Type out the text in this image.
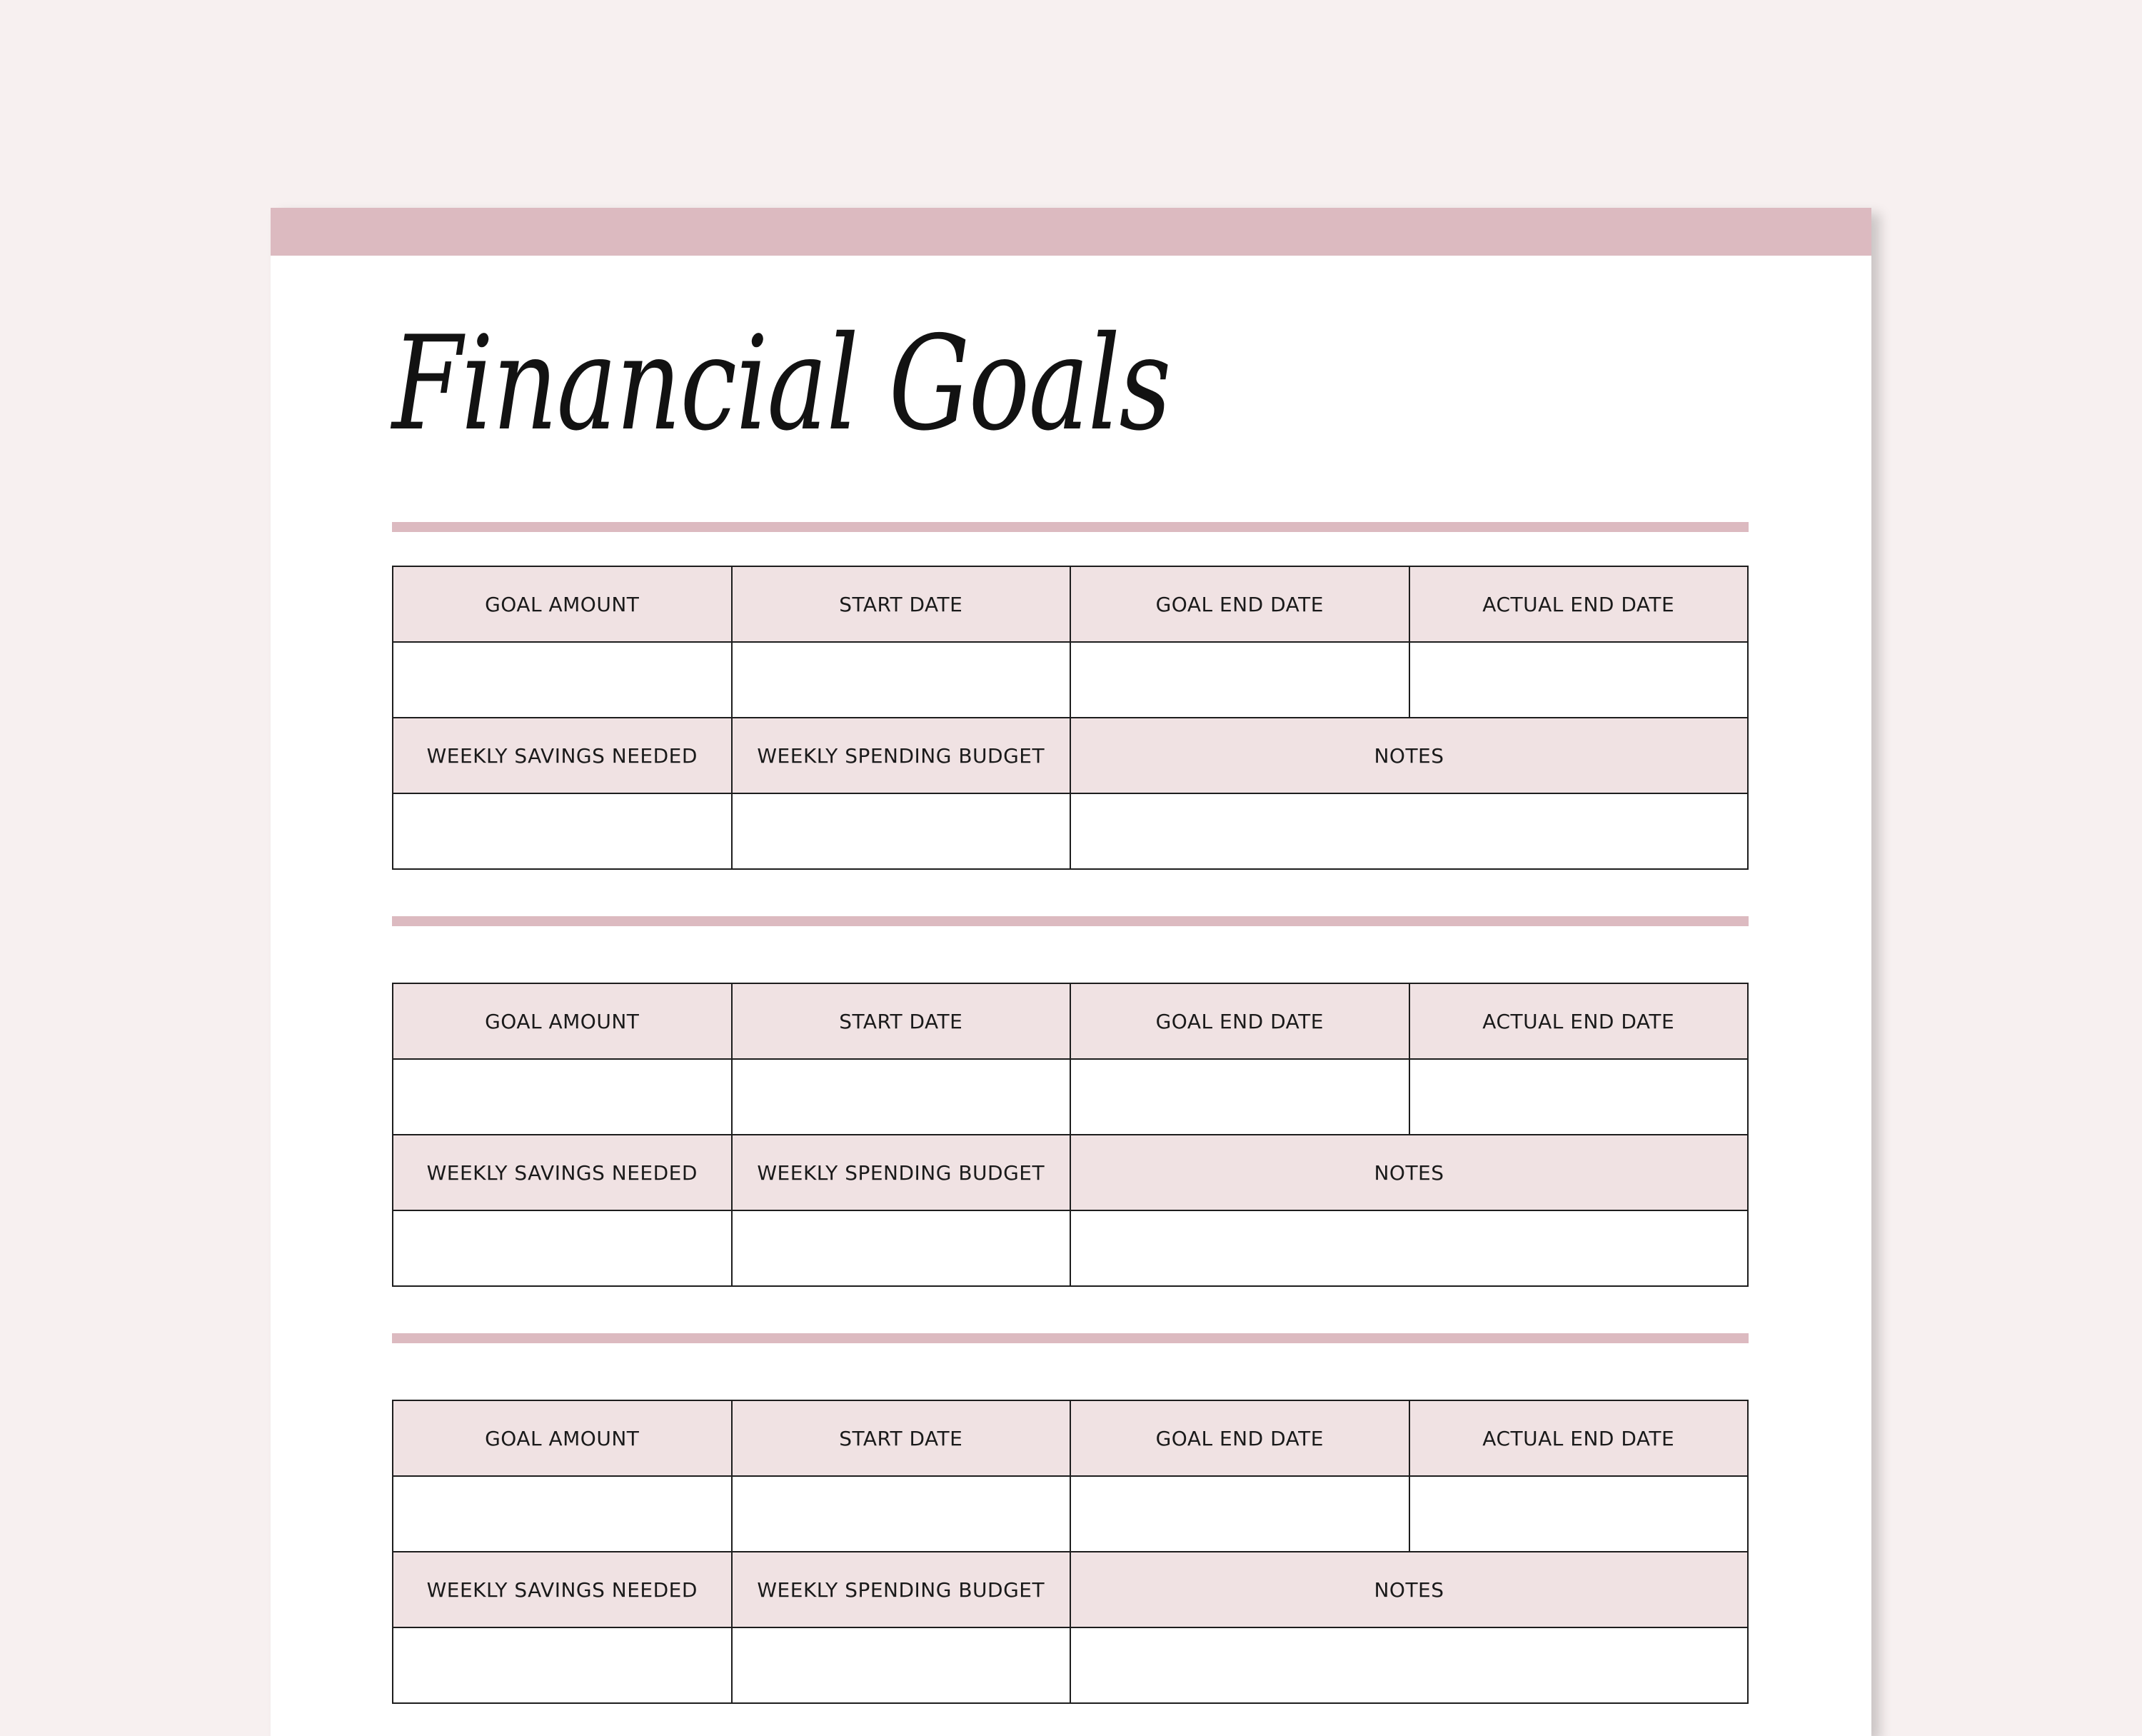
Financial Goals
GOAL AMOUNT	START DATE	GOAL END DATE	ACTUAL END DATE

WEEKLY SAVINGS NEEDED	WEEKLY SPENDING BUDGET	NOTES	

GOAL AMOUNT	START DATE	GOAL END DATE	ACTUAL END DATE

WEEKLY SAVINGS NEEDED	WEEKLY SPENDING BUDGET	NOTES	

GOAL AMOUNT	START DATE	GOAL END DATE	ACTUAL END DATE

WEEKLY SAVINGS NEEDED	WEEKLY SPENDING BUDGET	NOTES	
